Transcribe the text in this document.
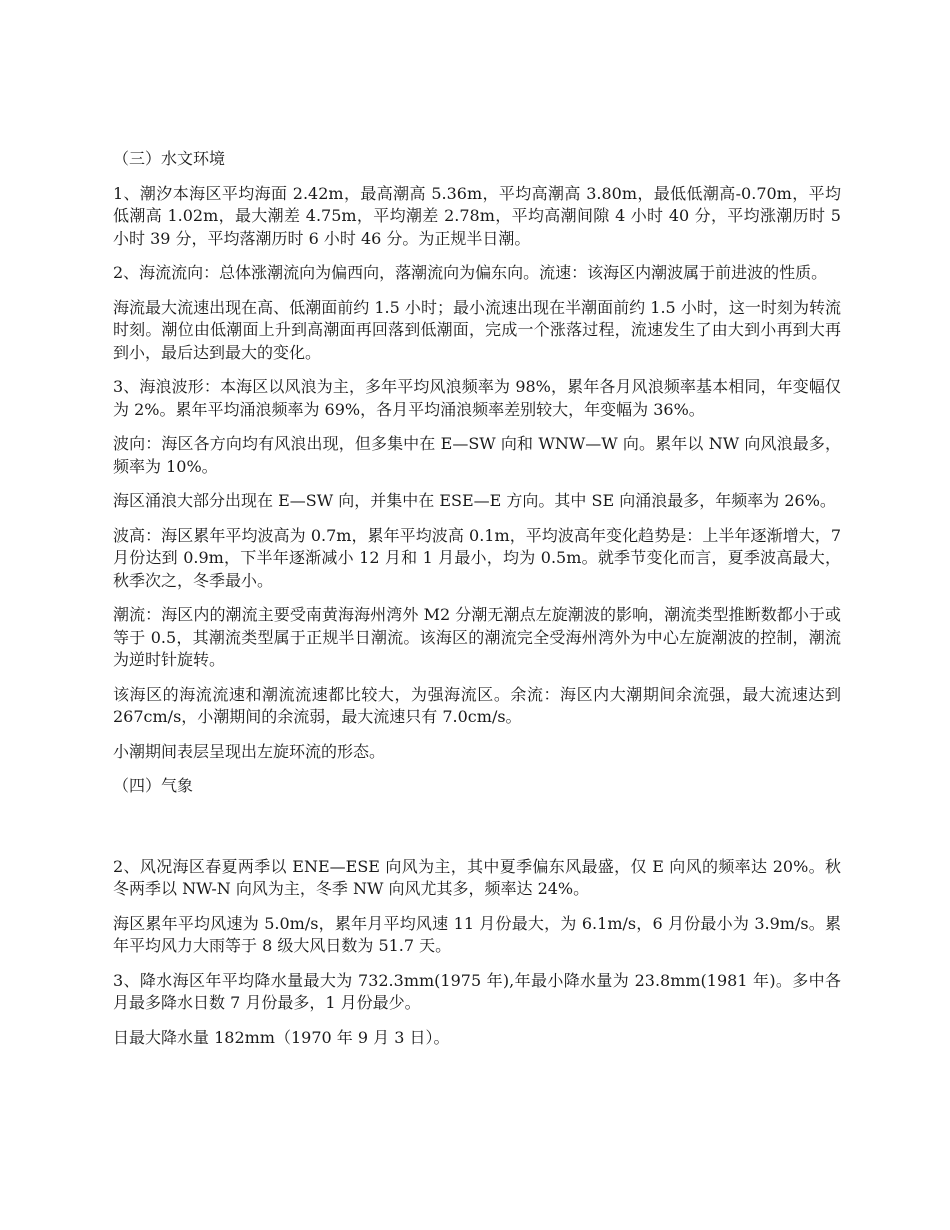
（三）水文环境

1、潮汐本海区平均海面 2.42m，最高潮高 5.36m，平均高潮高 3.80m，最低低潮高-0.70m，平均低潮高 1.02m，最大潮差 4.75m，平均潮差 2.78m，平均高潮间隙 4 小时 40 分，平均涨潮历时 5 小时 39 分，平均落潮历时 6 小时 46 分。为正规半日潮。

2、海流流向：总体涨潮流向为偏西向，落潮流向为偏东向。流速：该海区内潮波属于前进波的性质。

海流最大流速出现在高、低潮面前约 1.5 小时；最小流速出现在半潮面前约 1.5 小时，这一时刻为转流时刻。潮位由低潮面上升到高潮面再回落到低潮面，完成一个涨落过程，流速发生了由大到小再到大再到小，最后达到最大的变化。

3、海浪波形：本海区以风浪为主，多年平均风浪频率为 98%，累年各月风浪频率基本相同，年变幅仅为 2%。累年平均涌浪频率为 69%，各月平均涌浪频率差别较大，年变幅为 36%。

波向：海区各方向均有风浪出现，但多集中在 E—SW 向和 WNW—W 向。累年以 NW 向风浪最多，频率为 10%。

海区涌浪大部分出现在 E—SW 向，并集中在 ESE—E 方向。其中 SE 向涌浪最多，年频率为 26%。

波高：海区累年平均波高为 0.7m，累年平均波高 0.1m，平均波高年变化趋势是：上半年逐渐增大，7 月份达到 0.9m，下半年逐渐减小 12 月和 1 月最小，均为 0.5m。就季节变化而言，夏季波高最大，秋季次之，冬季最小。

潮流：海区内的潮流主要受南黄海海州湾外 M2 分潮无潮点左旋潮波的影响，潮流类型推断数都小于或等于 0.5，其潮流类型属于正规半日潮流。该海区的潮流完全受海州湾外为中心左旋潮波的控制，潮流为逆时针旋转。

该海区的海流流速和潮流流速都比较大，为强海流区。余流：海区内大潮期间余流强，最大流速达到 267cm/s，小潮期间的余流弱，最大流速只有 7.0cm/s。

小潮期间表层呈现出左旋环流的形态。

（四）气象

2、风况海区春夏两季以 ENE—ESE 向风为主，其中夏季偏东风最盛，仅 E 向风的频率达 20%。秋冬两季以 NW-N 向风为主，冬季 NW 向风尤其多，频率达 24%。

海区累年平均风速为 5.0m/s，累年月平均风速 11 月份最大，为 6.1m/s，6 月份最小为 3.9m/s。累年平均风力大雨等于 8 级大风日数为 51.7 天。

3、降水海区年平均降水量最大为 732.3mm(1975 年),年最小降水量为 23.8mm(1981 年)。多中各月最多降水日数 7 月份最多，1 月份最少。

日最大降水量 182mm（1970 年 9 月 3 日）。
